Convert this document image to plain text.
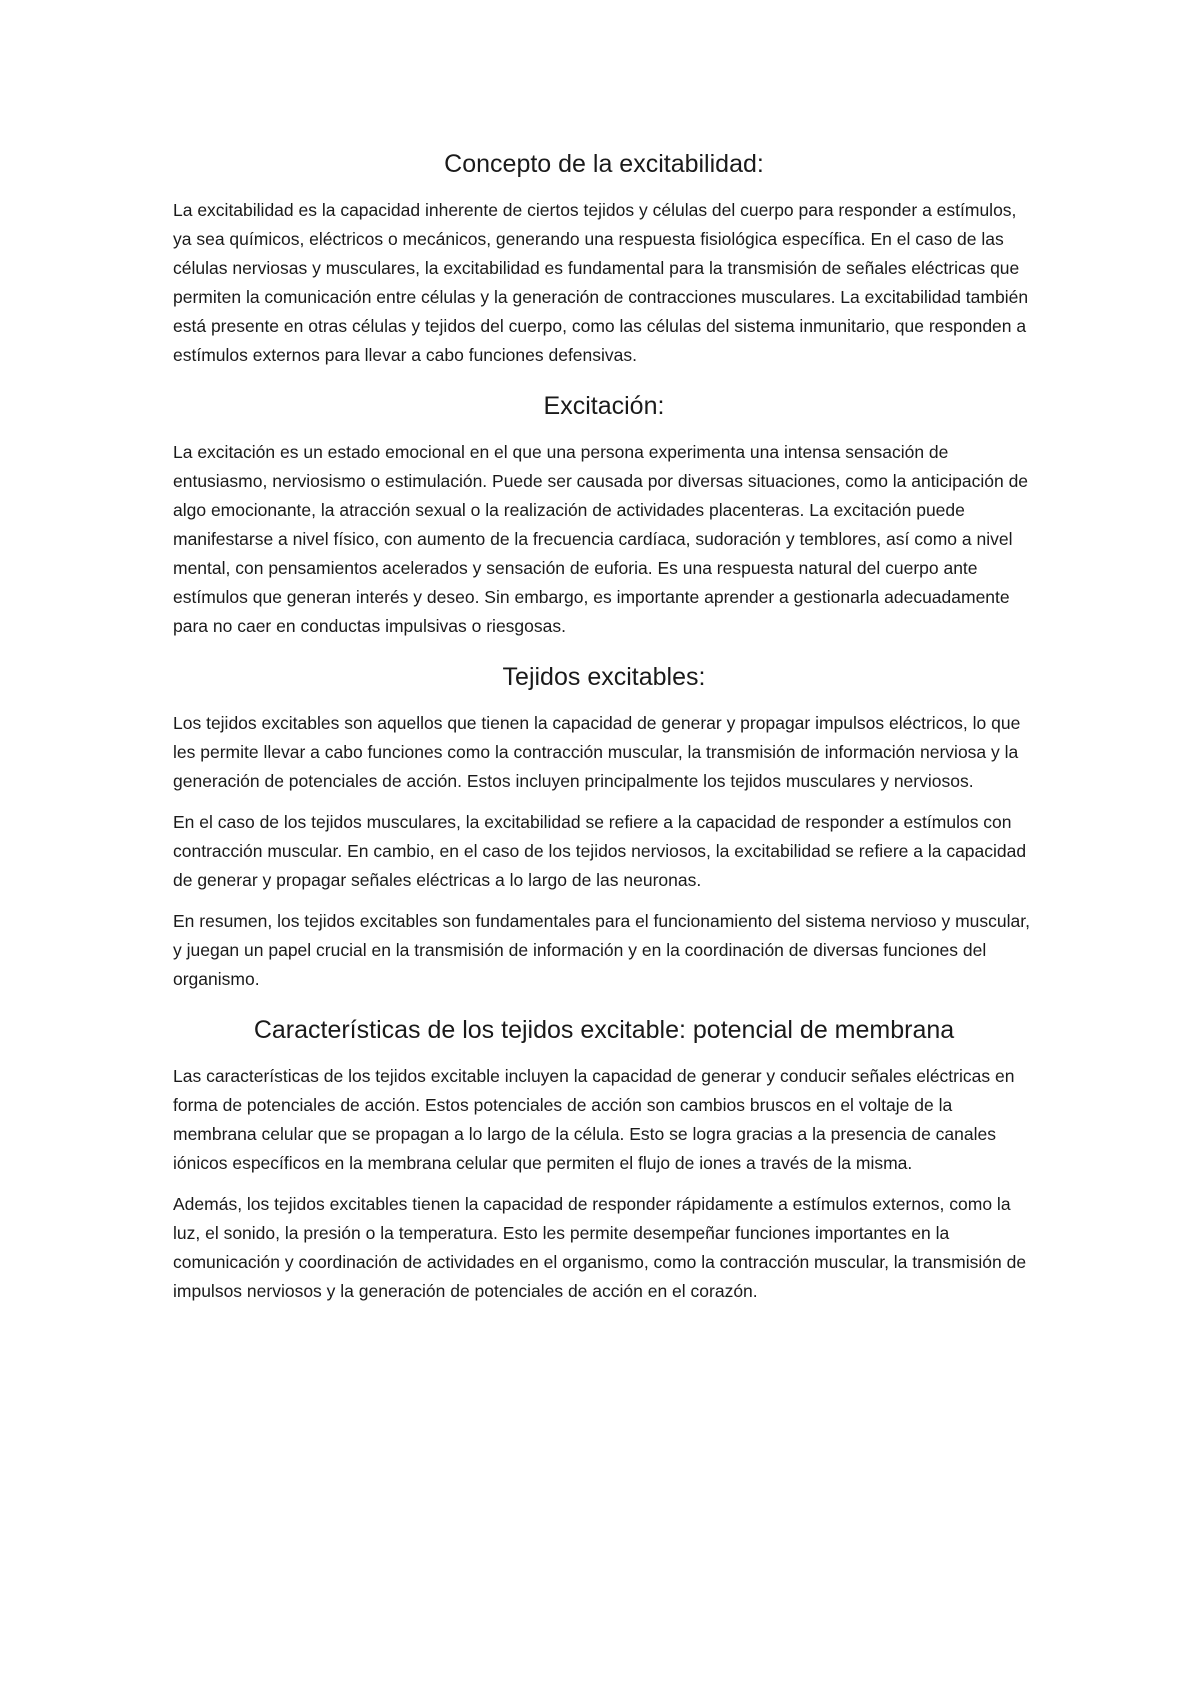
Concepto de la excitabilidad:

La excitabilidad es la capacidad inherente de ciertos tejidos y células del cuerpo para responder a estímulos, ya sea químicos, eléctricos o mecánicos, generando una respuesta fisiológica específica. En el caso de las células nerviosas y musculares, la excitabilidad es fundamental para la transmisión de señales eléctricas que permiten la comunicación entre células y la generación de contracciones musculares. La excitabilidad también está presente en otras células y tejidos del cuerpo, como las células del sistema inmunitario, que responden a estímulos externos para llevar a cabo funciones defensivas.

Excitación:

La excitación es un estado emocional en el que una persona experimenta una intensa sensación de entusiasmo, nerviosismo o estimulación. Puede ser causada por diversas situaciones, como la anticipación de algo emocionante, la atracción sexual o la realización de actividades placenteras. La excitación puede manifestarse a nivel físico, con aumento de la frecuencia cardíaca, sudoración y temblores, así como a nivel mental, con pensamientos acelerados y sensación de euforia. Es una respuesta natural del cuerpo ante estímulos que generan interés y deseo. Sin embargo, es importante aprender a gestionarla adecuadamente para no caer en conductas impulsivas o riesgosas.

Tejidos excitables:

Los tejidos excitables son aquellos que tienen la capacidad de generar y propagar impulsos eléctricos, lo que les permite llevar a cabo funciones como la contracción muscular, la transmisión de información nerviosa y la generación de potenciales de acción. Estos incluyen principalmente los tejidos musculares y nerviosos.

En el caso de los tejidos musculares, la excitabilidad se refiere a la capacidad de responder a estímulos con contracción muscular. En cambio, en el caso de los tejidos nerviosos, la excitabilidad se refiere a la capacidad de generar y propagar señales eléctricas a lo largo de las neuronas.

En resumen, los tejidos excitables son fundamentales para el funcionamiento del sistema nervioso y muscular, y juegan un papel crucial en la transmisión de información y en la coordinación de diversas funciones del organismo.

Características de los tejidos excitable: potencial de membrana

Las características de los tejidos excitable incluyen la capacidad de generar y conducir señales eléctricas en forma de potenciales de acción. Estos potenciales de acción son cambios bruscos en el voltaje de la membrana celular que se propagan a lo largo de la célula. Esto se logra gracias a la presencia de canales iónicos específicos en la membrana celular que permiten el flujo de iones a través de la misma.

Además, los tejidos excitables tienen la capacidad de responder rápidamente a estímulos externos, como la luz, el sonido, la presión o la temperatura. Esto les permite desempeñar funciones importantes en la comunicación y coordinación de actividades en el organismo, como la contracción muscular, la transmisión de impulsos nerviosos y la generación de potenciales de acción en el corazón.
